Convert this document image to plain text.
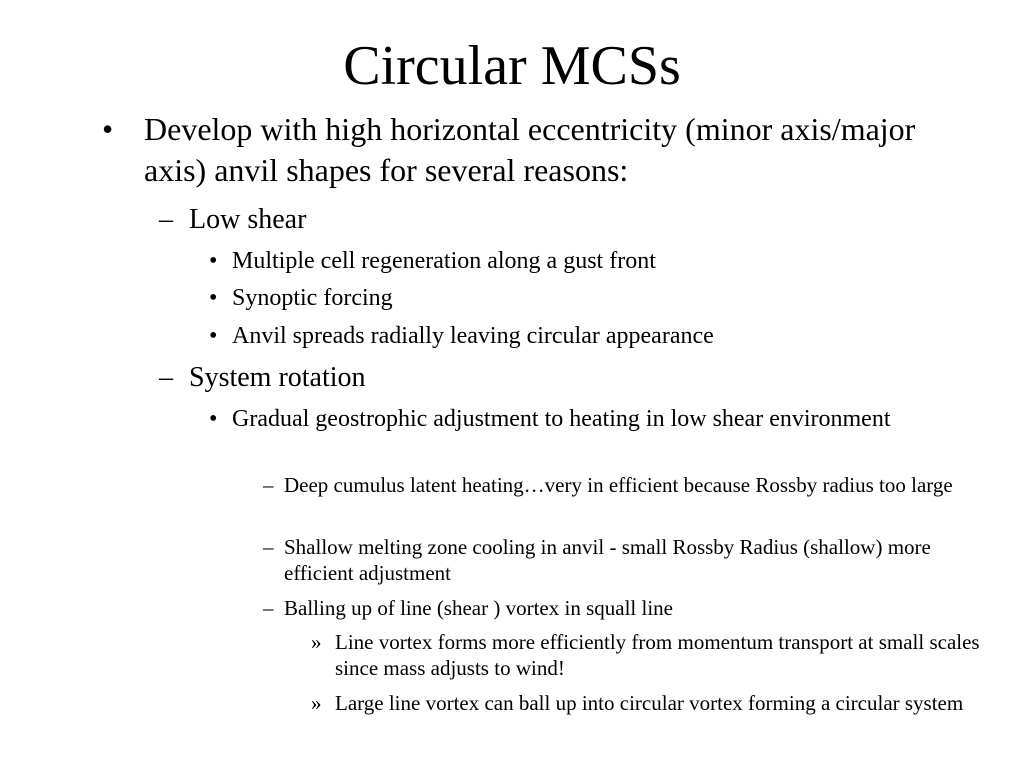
Circular MCSs
• Develop with high horizontal eccentricity (minor axis/major axis) anvil shapes for several reasons:
– Low shear
• Multiple cell regeneration along a gust front
• Synoptic forcing
• Anvil spreads radially leaving circular appearance
– System rotation
• Gradual geostrophic adjustment to heating in low shear environment
– Deep cumulus latent heating…very in efficient because Rossby radius too large
– Shallow melting zone cooling in anvil - small Rossby Radius (shallow) more efficient adjustment
– Balling up of line (shear ) vortex in squall line
» Line vortex forms more efficiently from momentum transport at small scales since mass adjusts to wind!
» Large line vortex can ball up into circular vortex forming a circular system
